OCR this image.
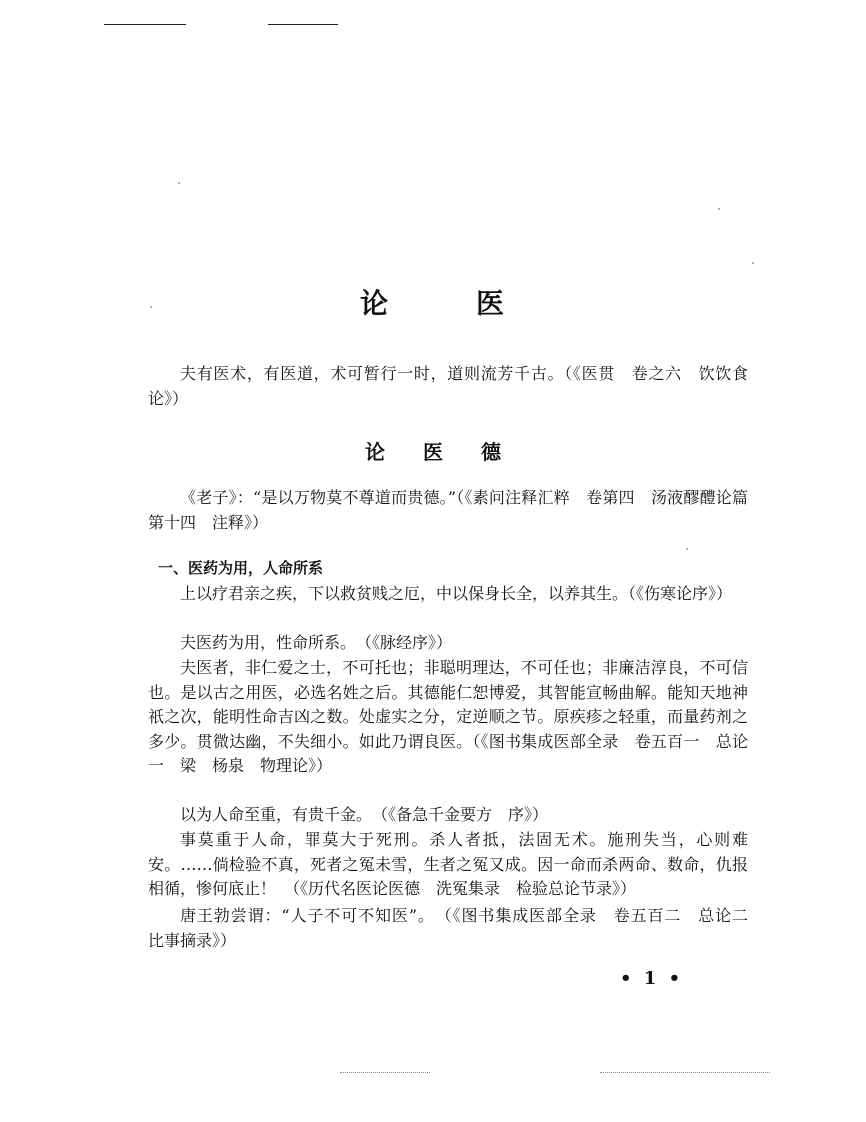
论	医
夫有医术，有医道，术可暂行一时，道则流芳千古。（《医贯　卷之六　饮饮食论》）
论 医 德
《老子》：“是以万物莫不尊道而贵德。”（《素问注释汇粹　卷第四　汤液醪醴论篇第十四　注释》）
一、医药为用，人命所系
上以疗君亲之疾，下以救贫贱之厄，中以保身长全，以养其生。（《伤寒论序》）
夫医药为用，性命所系。　（《脉经序》）
夫医者，非仁爱之士，不可托也；非聪明理达，不可任也；非廉洁淳良，不可信也。是以古之用医，必选名姓之后。其德能仁恕博爱，其智能宣畅曲解。能知天地神祇之次，能明性命吉凶之数。处虚实之分，定逆顺之节。原疾疹之轻重，而量药剂之多少。贯微达幽，不失细小。如此乃谓良医。（《图书集成医部全录　卷五百一　总论一　梁　杨泉　物理论》）
以为人命至重，有贵千金。　（《备急千金要方　序》）
事莫重于人命，罪莫大于死刑。杀人者抵，法固无术。施刑失当，心则难安。……倘检验不真，死者之冤未雪，生者之冤又成。因一命而杀两命、数命，仇报相循，惨何底止！　（《历代名医论医德　洗冤集录　检验总论节录》）
唐王勃尝谓：“人子不可不知医”。　（《图书集成医部全录　卷五百二　总论二　比事摘录》）
• 1 •
